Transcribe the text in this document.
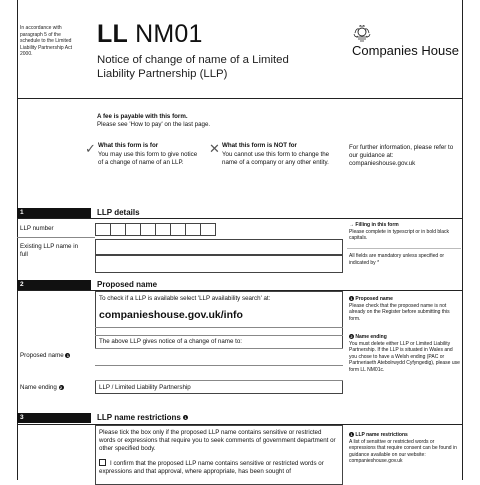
In accordance with paragraph 5 of the schedule to the Limited Liability Partnership Act 2000.
LL NM01
Notice of change of name of a Limited Liability Partnership (LLP)
Companies House
A fee is payable with this form.
Please see 'How to pay' on the last page.
✓ What this form is for
You may use this form to give notice of a change of name of an LLP.
✕ What this form is NOT for
You cannot use this form to change the name of a company or any other entity.
For further information, please refer to our guidance at: companieshouse.gov.uk
1	LLP details
LLP number
Existing LLP name in full
→ Filling in this form
Please complete in typescript or in bold black capitals.
All fields are mandatory unless specified or indicated by *
2	Proposed name
To check if a LLP is available select 'LLP availability search' at:
companieshouse.gov.uk/info
The above LLP gives notice of a change of name to:
Proposed name 1
Name ending 2	LLP / Limited Liability Partnership
1 Proposed name
Please check that the proposed name is not already on the Register before submitting this form.
2 Name ending
You must delete either LLP or Limited Liability Partnership. If the LLP is situated in Wales and you chose to have a Welsh ending (PAC or Partneriaeth Atebolrwydd Cyfyngedig), please use form LL NM01c.
3	LLP name restrictions 1
Please tick the box only if the proposed LLP name contains sensitive or restricted words or expressions that require you to seek comments of government department or other specified body.
I confirm that the proposed LLP name contains sensitive or restricted words or expressions and that approval, where appropriate, has been sought of
1 LLP name restrictions
A list of sensitive or restricted words or expressions that require consent can be found in guidance available on our website: companieshouse.gov.uk
